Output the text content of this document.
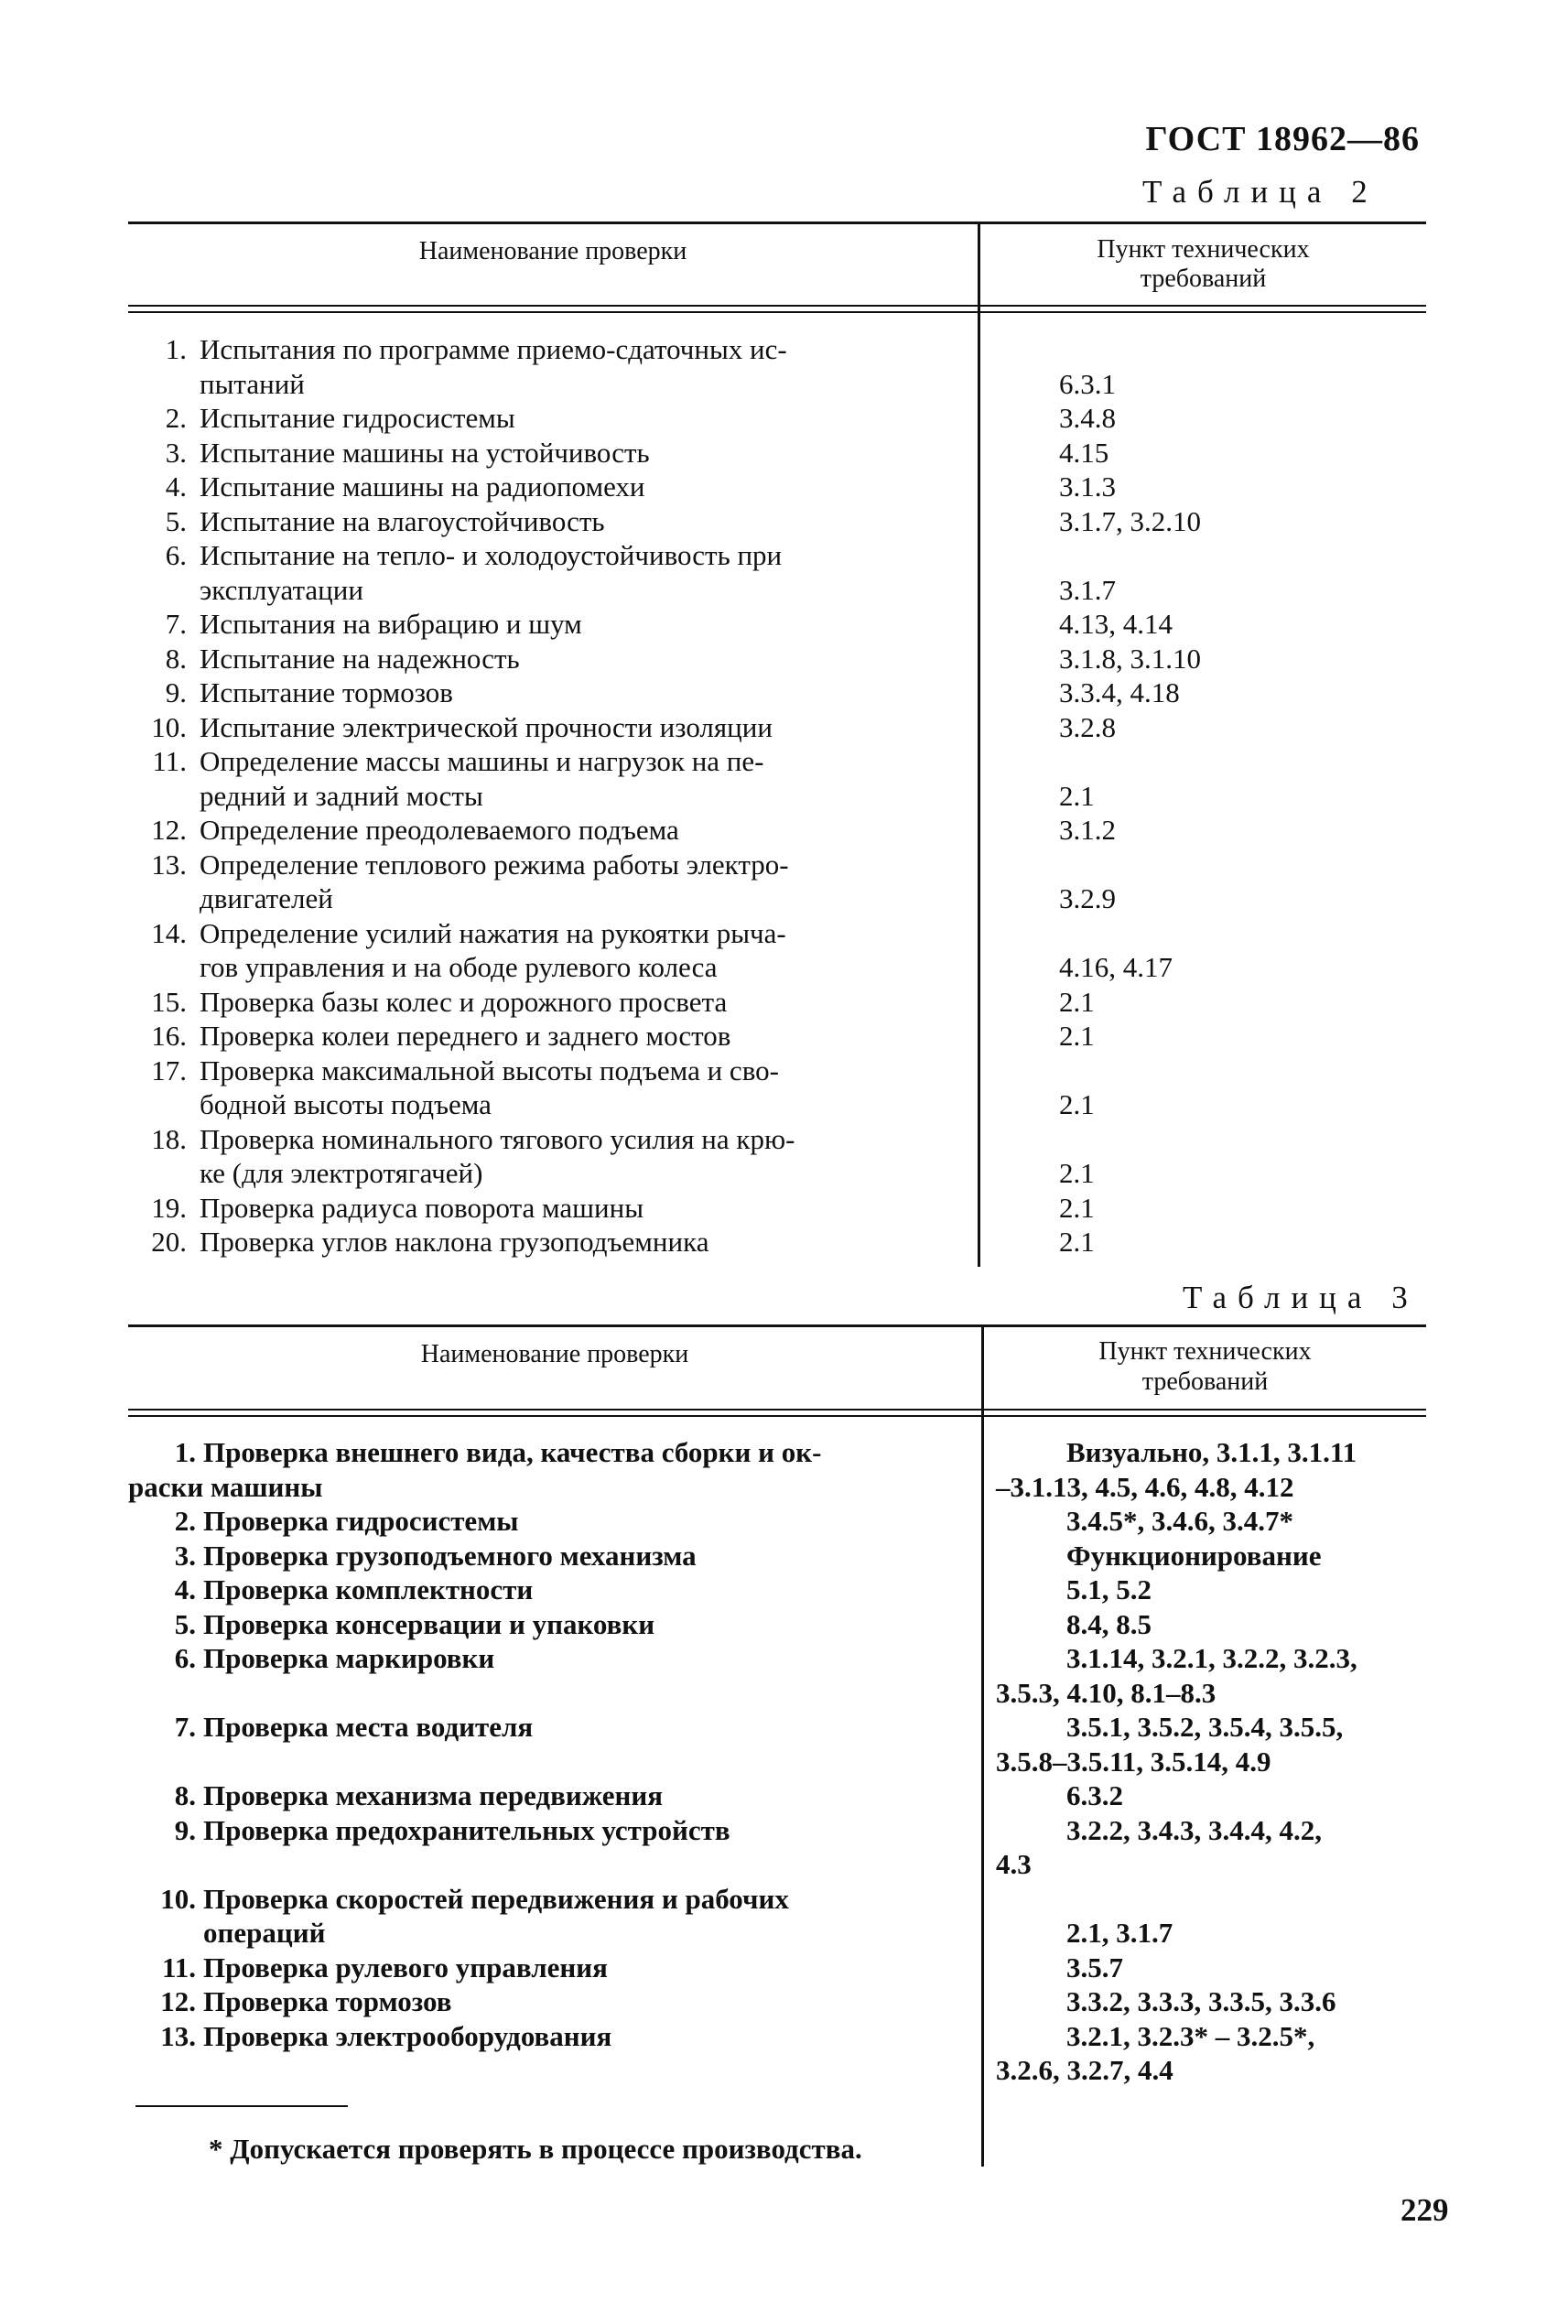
ГОСТ 18962—86
Таблица 2
Наименование проверки	Пункт технических
требований
1. Испытания по программе приемо-сдаточных ис-
пытаний	6.3.1
2. Испытание гидросистемы	3.4.8
3. Испытание машины на устойчивость	4.15
4. Испытание машины на радиопомехи	3.1.3
5. Испытание на влагоустойчивость	3.1.7, 3.2.10
6. Испытание на тепло- и холодоустойчивость при
эксплуатации	3.1.7
7. Испытания на вибрацию и шум	4.13, 4.14
8. Испытание на надежность	3.1.8, 3.1.10
9. Испытание тормозов	3.3.4, 4.18
10. Испытание электрической прочности изоляции	3.2.8
11. Определение массы машины и нагрузок на пе-
редний и задний мосты	2.1
12. Определение преодолеваемого подъема	3.1.2
13. Определение теплового режима работы электро-
двигателей	3.2.9
14. Определение усилий нажатия на рукоятки рыча-
гов управления и на ободе рулевого колеса	4.16, 4.17
15. Проверка базы колес и дорожного просвета	2.1
16. Проверка колеи переднего и заднего мостов	2.1
17. Проверка максимальной высоты подъема и сво-
бодной высоты подъема	2.1
18. Проверка номинального тягового усилия на крю-
ке (для электротягачей)	2.1
19. Проверка радиуса поворота машины	2.1
20. Проверка углов наклона грузоподъемника	2.1
Таблица 3
Наименование проверки	Пункт технических
требований
1. Проверка внешнего вида, качества сборки и ок-	Визуально, 3.1.1, 3.1.11
раски машины	–3.1.13, 4.5, 4.6, 4.8, 4.12
2. Проверка гидросистемы	3.4.5*, 3.4.6, 3.4.7*
3. Проверка грузоподъемного механизма	Функционирование
4. Проверка комплектности	5.1, 5.2
5. Проверка консервации и упаковки	8.4, 8.5
6. Проверка маркировки	3.1.14, 3.2.1, 3.2.2, 3.2.3,
3.5.3, 4.10, 8.1–8.3
7. Проверка места водителя	3.5.1, 3.5.2, 3.5.4, 3.5.5,
3.5.8–3.5.11, 3.5.14, 4.9
8. Проверка механизма передвижения	6.3.2
9. Проверка предохранительных устройств	3.2.2, 3.4.3, 3.4.4, 4.2,
4.3
10. Проверка скоростей передвижения и рабочих
операций	2.1, 3.1.7
11. Проверка рулевого управления	3.5.7
12. Проверка тормозов	3.3.2, 3.3.3, 3.3.5, 3.3.6
13. Проверка электрооборудования	3.2.1, 3.2.3* – 3.2.5*,
3.2.6, 3.2.7, 4.4
* Допускается проверять в процессе производства.
229
